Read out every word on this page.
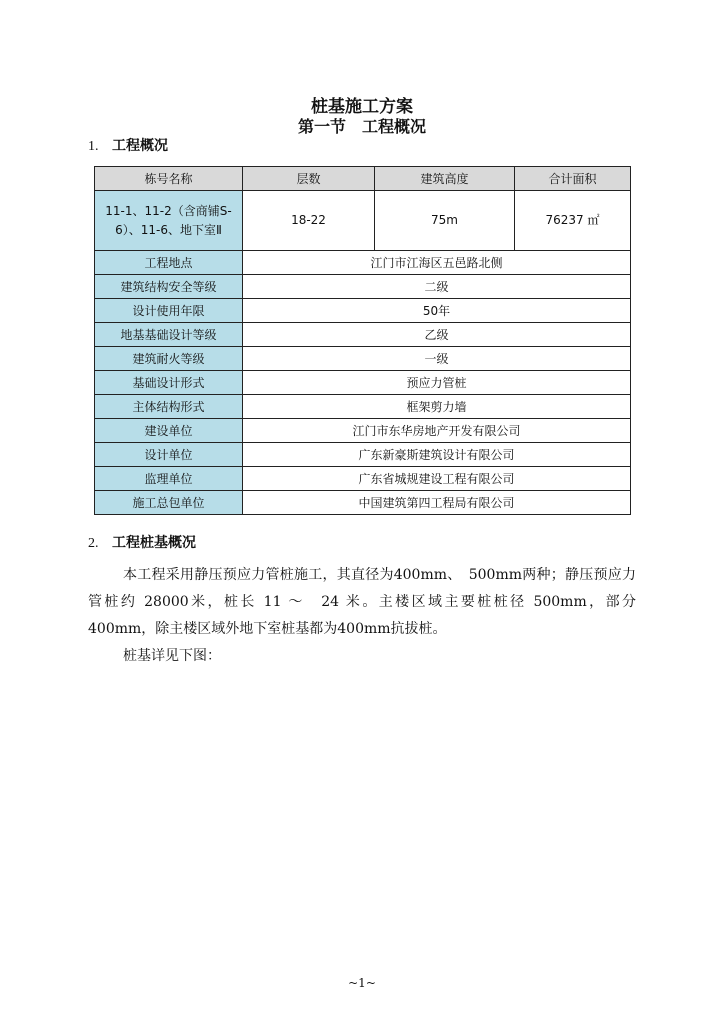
桩基施工方案
第一节　工程概况
1. 工程概况
栋号名称	层数	建筑高度	合计面积
11-1、11-2（含商铺S-6）、11-6、地下室Ⅱ	18-22	75m	76237 ㎡
工程地点	江门市江海区五邑路北侧		
建筑结构安全等级	二级		
设计使用年限	50年		
地基基础设计等级	乙级		
建筑耐火等级	一级		
基础设计形式	预应力管桩		
主体结构形式	框架剪力墙		
建设单位	江门市东华房地产开发有限公司		
设计单位	广东新豪斯建筑设计有限公司		
监理单位	广东省城规建设工程有限公司		
施工总包单位	中国建筑第四工程局有限公司		
2. 工程桩基概况
本工程采用静压预应力管桩施工，其直径为400mm、　500mm两种；静压预应力管桩约 28000米，桩长 11 ～　24 米。主楼区域主要桩桩径 500mm，部分 400mm，除主楼区域外地下室桩基都为400mm抗拔桩。
桩基详见下图：
~1~
